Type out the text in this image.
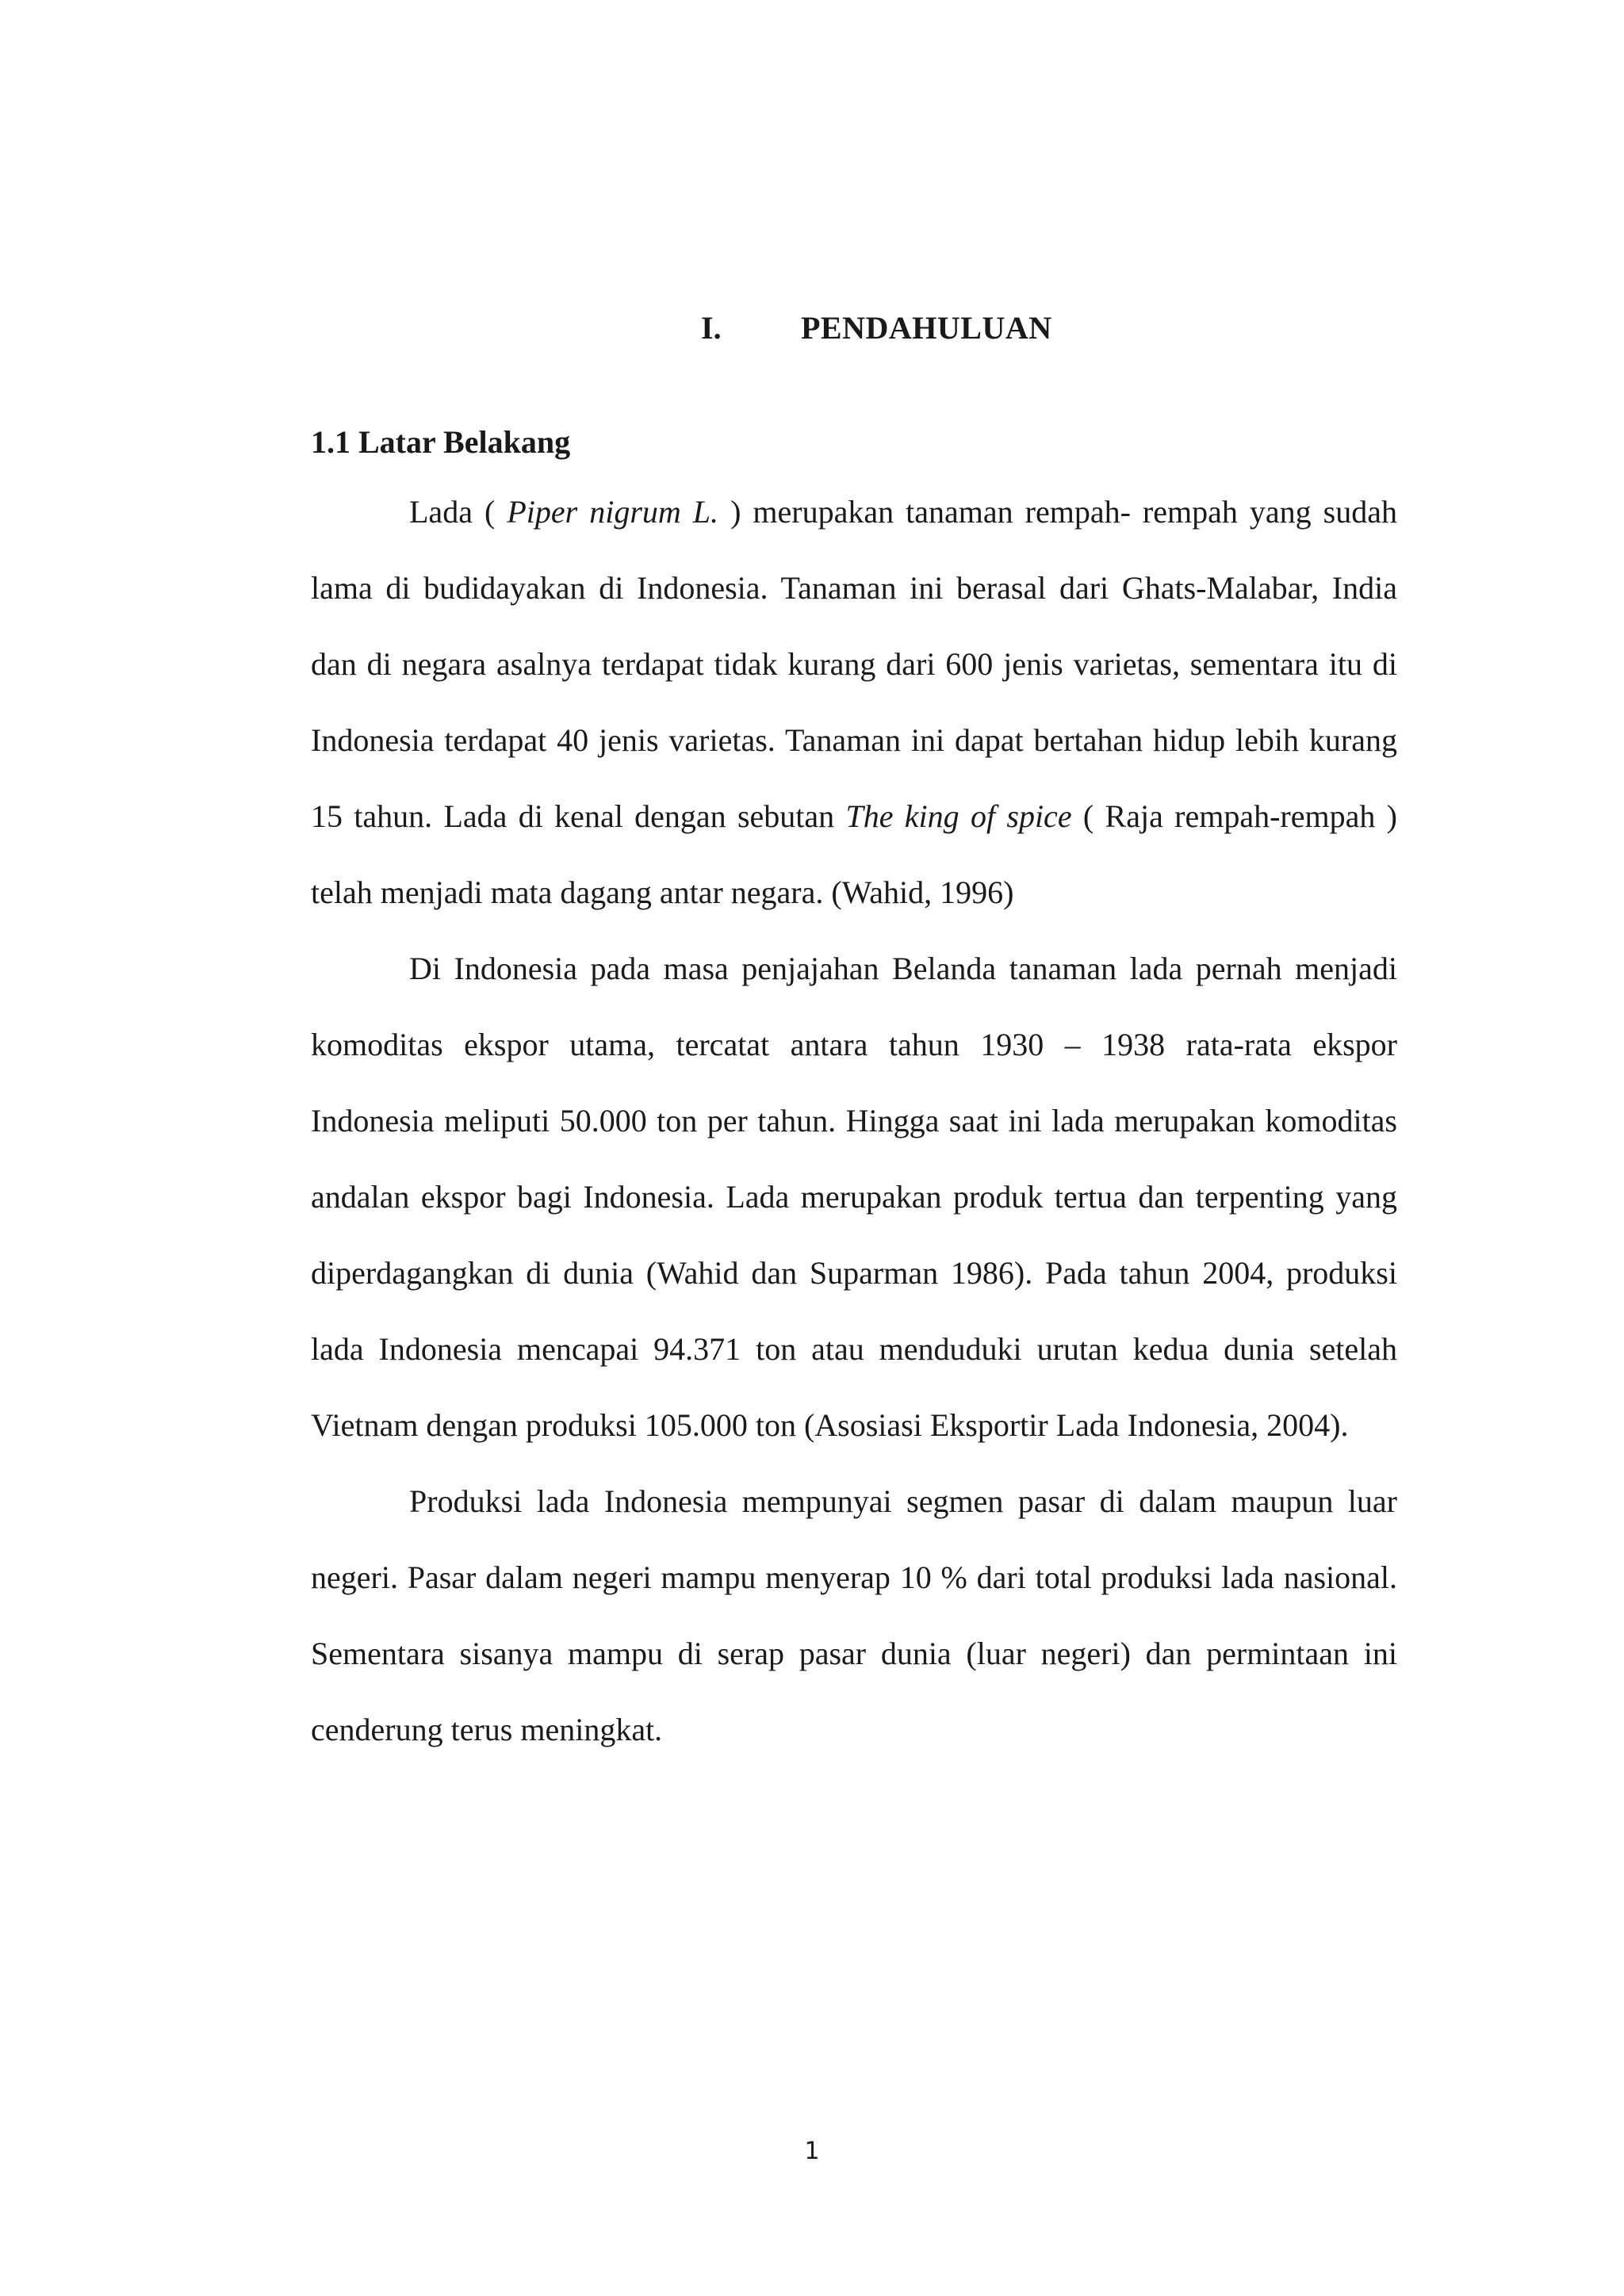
I.	PENDAHULUAN
1.1 Latar Belakang

Lada ( Piper nigrum L. ) merupakan tanaman rempah- rempah yang sudah lama di budidayakan di Indonesia. Tanaman ini berasal dari Ghats-Malabar, India dan di negara asalnya terdapat tidak kurang dari 600 jenis varietas, sementara itu di Indonesia terdapat 40 jenis varietas. Tanaman ini dapat bertahan hidup lebih kurang 15 tahun. Lada di kenal dengan sebutan The king of spice ( Raja rempah-rempah ) telah menjadi mata dagang antar negara. (Wahid, 1996)

Di Indonesia pada masa penjajahan Belanda tanaman lada pernah menjadi komoditas ekspor utama, tercatat antara tahun 1930 – 1938 rata-rata ekspor Indonesia meliputi 50.000 ton per tahun. Hingga saat ini lada merupakan komoditas andalan ekspor bagi Indonesia. Lada merupakan produk tertua dan terpenting yang diperdagangkan di dunia (Wahid dan Suparman 1986). Pada tahun 2004, produksi lada Indonesia mencapai 94.371 ton atau menduduki urutan kedua dunia setelah Vietnam dengan produksi 105.000 ton (Asosiasi Eksportir Lada Indonesia, 2004).

Produksi lada Indonesia mempunyai segmen pasar di dalam maupun luar negeri. Pasar dalam negeri mampu menyerap 10 % dari total produksi lada nasional. Sementara sisanya mampu di serap pasar dunia (luar negeri) dan permintaan ini cenderung terus meningkat.

1
